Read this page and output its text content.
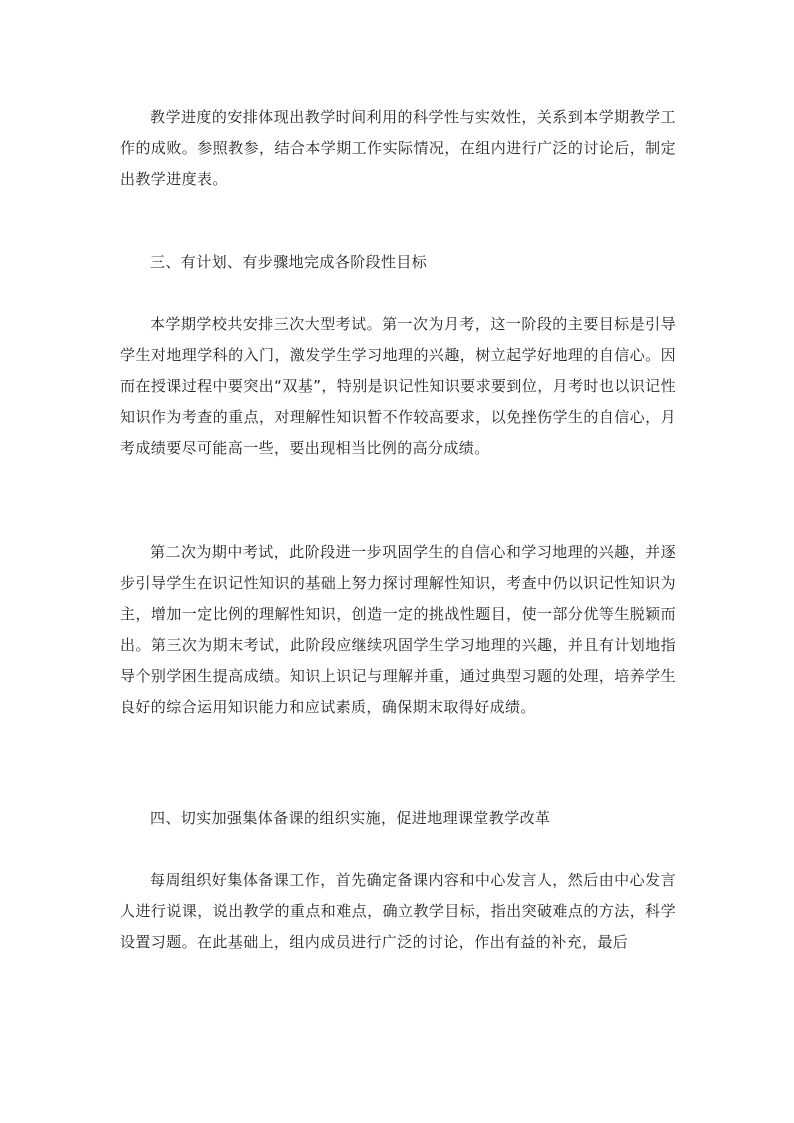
教学进度的安排体现出教学时间利用的科学性与实效性，关系到本学期教学工作的成败。参照教参，结合本学期工作实际情况，在组内进行广泛的讨论后，制定出教学进度表。

三、有计划、有步骤地完成各阶段性目标

本学期学校共安排三次大型考试。第一次为月考，这一阶段的主要目标是引导学生对地理学科的入门，激发学生学习地理的兴趣，树立起学好地理的自信心。因而在授课过程中要突出“双基”，特别是识记性知识要求要到位，月考时也以识记性知识作为考查的重点，对理解性知识暂不作较高要求，以免挫伤学生的自信心，月考成绩要尽可能高一些，要出现相当比例的高分成绩。

第二次为期中考试，此阶段进一步巩固学生的自信心和学习地理的兴趣，并逐步引导学生在识记性知识的基础上努力探讨理解性知识，考查中仍以识记性知识为主，增加一定比例的理解性知识，创造一定的挑战性题目，使一部分优等生脱颖而出。第三次为期末考试，此阶段应继续巩固学生学习地理的兴趣，并且有计划地指导个别学困生提高成绩。知识上识记与理解并重，通过典型习题的处理，培养学生良好的综合运用知识能力和应试素质，确保期末取得好成绩。

四、切实加强集体备课的组织实施，促进地理课堂教学改革

每周组织好集体备课工作，首先确定备课内容和中心发言人，然后由中心发言人进行说课，说出教学的重点和难点，确立教学目标，指出突破难点的方法，科学设置习题。在此基础上，组内成员进行广泛的讨论，作出有益的补充，最后
